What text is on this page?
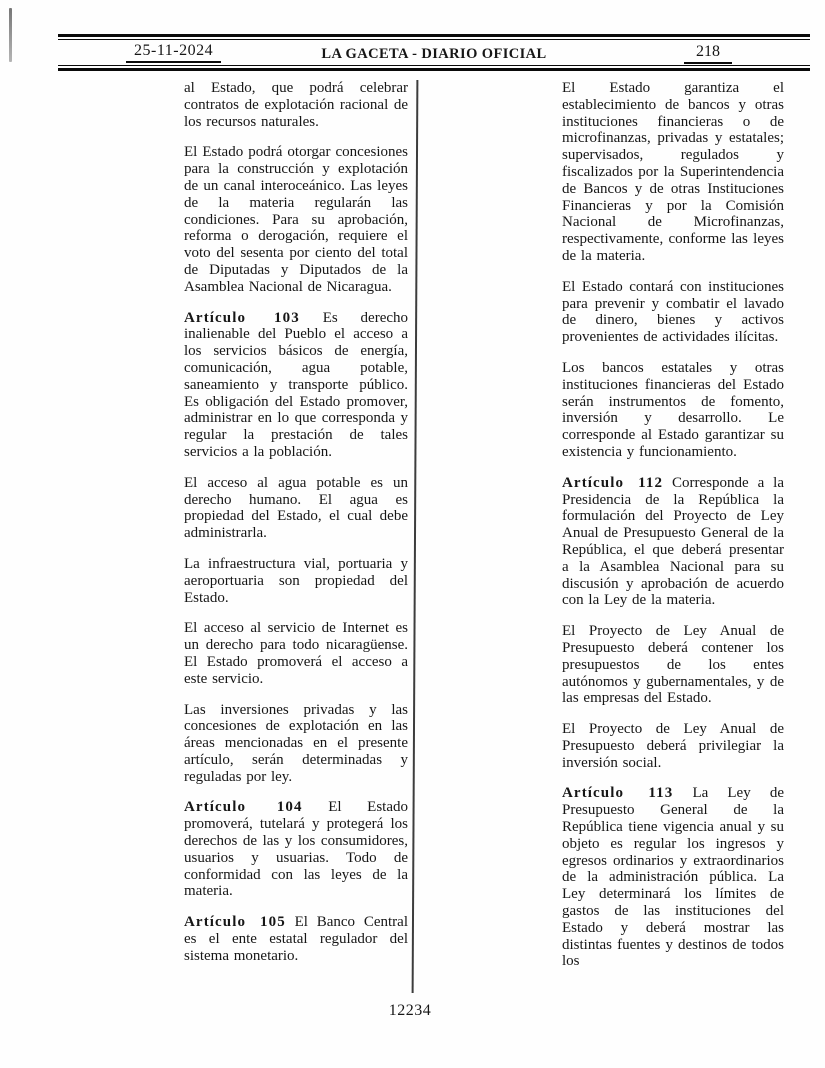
25-11-2024	LA GACETA - DIARIO OFICIAL	218

al Estado, que podrá celebrar contratos de explotación racional de los recursos naturales.

El Estado podrá otorgar concesiones para la construcción y explotación de un canal interoceánico. Las leyes de la materia regularán las condiciones. Para su aprobación, reforma o derogación, requiere el voto del sesenta por ciento del total de Diputadas y Diputados de la Asamblea Nacional de Nicaragua.

Artículo 103 Es derecho inalienable del Pueblo el acceso a los servicios básicos de energía, comunicación, agua potable, saneamiento y transporte público. Es obligación del Estado promover, administrar en lo que corresponda y regular la prestación de tales servicios a la población.

El acceso al agua potable es un derecho humano. El agua es propiedad del Estado, el cual debe administrarla.

La infraestructura vial, portuaria y aeroportuaria son propiedad del Estado.

El acceso al servicio de Internet es un derecho para todo nicaragüense. El Estado promoverá el acceso a este servicio.

Las inversiones privadas y las concesiones de explotación en las áreas mencionadas en el presente artículo, serán determinadas y reguladas por ley.

Artículo 104 El Estado promoverá, tutelará y protegerá los derechos de las y los consumidores, usuarios y usuarias. Todo de conformidad con las leyes de la materia.

Artículo 105 El Banco Central es el ente estatal regulador del sistema monetario.

El Estado garantiza el establecimiento de bancos y otras instituciones financieras o de microfinanzas, privadas y estatales; supervisados, regulados y fiscalizados por la Superintendencia de Bancos y de otras Instituciones Financieras y por la Comisión Nacional de Microfinanzas, respectivamente, conforme las leyes de la materia.

El Estado contará con instituciones para prevenir y combatir el lavado de dinero, bienes y activos provenientes de actividades ilícitas.

Los bancos estatales y otras instituciones financieras del Estado serán instrumentos de fomento, inversión y desarrollo. Le corresponde al Estado garantizar su existencia y funcionamiento.

Artículo 112 Corresponde a la Presidencia de la República la formulación del Proyecto de Ley Anual de Presupuesto General de la República, el que deberá presentar a la Asamblea Nacional para su discusión y aprobación de acuerdo con la Ley de la materia.

El Proyecto de Ley Anual de Presupuesto deberá contener los presupuestos de los entes autónomos y gubernamentales, y de las empresas del Estado.

El Proyecto de Ley Anual de Presupuesto deberá privilegiar la inversión social.

Artículo 113 La Ley de Presupuesto General de la República tiene vigencia anual y su objeto es regular los ingresos y egresos ordinarios y extraordinarios de la administración pública. La Ley determinará los límites de gastos de las instituciones del Estado y deberá mostrar las distintas fuentes y destinos de todos los

12234
